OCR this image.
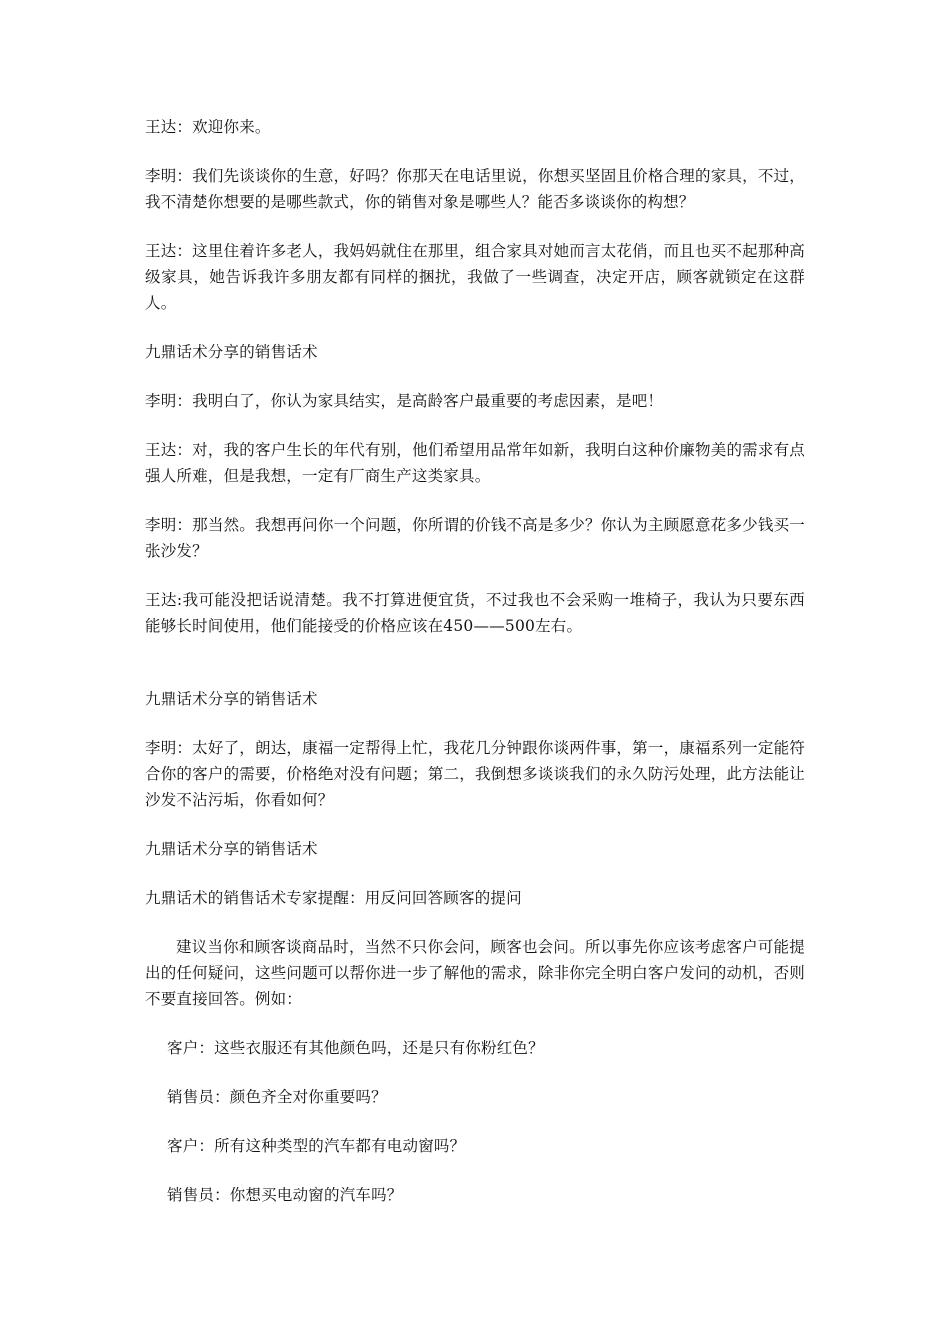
王达：欢迎你来。

李明：我们先谈谈你的生意，好吗？你那天在电话里说，你想买坚固且价格合理的家具，不过，我不清楚你想要的是哪些款式，你的销售对象是哪些人？能否多谈谈你的构想？

王达：这里住着许多老人，我妈妈就住在那里，组合家具对她而言太花俏，而且也买不起那种高级家具，她告诉我许多朋友都有同样的捆扰，我做了一些调查，决定开店，顾客就锁定在这群人。

九鼎话术分享的销售话术

李明：我明白了，你认为家具结实，是高龄客户最重要的考虑因素，是吧！

王达：对，我的客户生长的年代有别，他们希望用品常年如新，我明白这种价廉物美的需求有点强人所难，但是我想，一定有厂商生产这类家具。

李明：那当然。我想再问你一个问题，你所谓的价钱不高是多少？你认为主顾愿意花多少钱买一张沙发？

王达:我可能没把话说清楚。我不打算进便宜货，不过我也不会采购一堆椅子，我认为只要东西能够长时间使用，他们能接受的价格应该在450——500左右。

九鼎话术分享的销售话术

李明：太好了，朗达，康福一定帮得上忙，我花几分钟跟你谈两件事，第一，康福系列一定能符合你的客户的需要，价格绝对没有问题；第二，我倒想多谈谈我们的永久防污处理，此方法能让沙发不沾污垢，你看如何？

九鼎话术分享的销售话术

九鼎话术的销售话术专家提醒：用反问回答顾客的提问

建议当你和顾客谈商品时，当然不只你会问，顾客也会问。所以事先你应该考虑客户可能提出的任何疑问，这些问题可以帮你进一步了解他的需求，除非你完全明白客户发问的动机，否则不要直接回答。例如：

客户：这些衣服还有其他颜色吗，还是只有你粉红色？

销售员：颜色齐全对你重要吗？

客户：所有这种类型的汽车都有电动窗吗？

销售员：你想买电动窗的汽车吗？
